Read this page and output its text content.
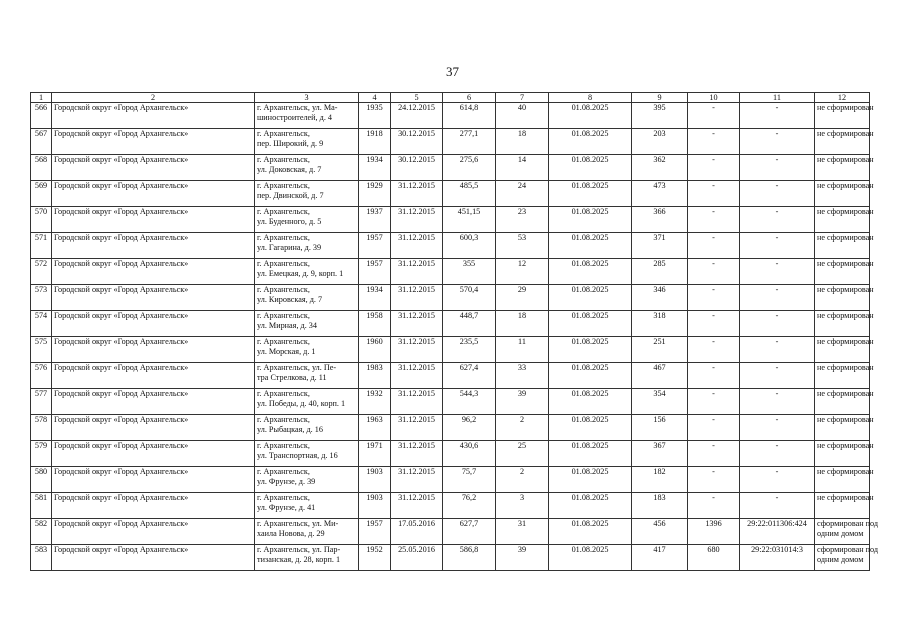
37
1	2	3	4	5	6	7	8	9	10	11	12
566	Городской округ «Город Архангельск»	г. Архангельск, ул. Ма-
шиностроителей, д. 4	1935	24.12.2015	614,8	40	01.08.2025	395	-	-	не сформирован

567	Городской округ «Город Архангельск»	г. Архангельск,
пер. Широкий, д. 9	1918	30.12.2015	277,1	18	01.08.2025	203	-	-	не сформирован

568	Городской округ «Город Архангельск»	г. Архангельск,
ул. Доковская, д. 7	1934	30.12.2015	275,6	14	01.08.2025	362	-	-	не сформирован

569	Городской округ «Город Архангельск»	г. Архангельск,
пер. Двинской, д. 7	1929	31.12.2015	485,5	24	01.08.2025	473	-	-	не сформирован

570	Городской округ «Город Архангельск»	г. Архангельск,
ул. Буденного, д. 5	1937	31.12.2015	451,15	23	01.08.2025	366	-	-	не сформирован

571	Городской округ «Город Архангельск»	г. Архангельск,
ул. Гагарина, д. 39	1957	31.12.2015	600,3	53	01.08.2025	371	-	-	не сформирован

572	Городской округ «Город Архангельск»	г. Архангельск,
ул. Емецкая, д. 9, корп. 1	1957	31.12.2015	355	12	01.08.2025	285	-	-	не сформирован

573	Городской округ «Город Архангельск»	г. Архангельск,
ул. Кировская, д. 7	1934	31.12.2015	570,4	29	01.08.2025	346	-	-	не сформирован

574	Городской округ «Город Архангельск»	г. Архангельск,
ул. Мирная, д. 34	1958	31.12.2015	448,7	18	01.08.2025	318	-	-	не сформирован

575	Городской округ «Город Архангельск»	г. Архангельск,
ул. Морская, д. 1	1960	31.12.2015	235,5	11	01.08.2025	251	-	-	не сформирован

576	Городской округ «Город Архангельск»	г. Архангельск, ул. Пе-
тра Стрелкова, д. 11	1983	31.12.2015	627,4	33	01.08.2025	467	-	-	не сформирован

577	Городской округ «Город Архангельск»	г. Архангельск,
ул. Победы, д. 40, корп. 1	1932	31.12.2015	544,3	39	01.08.2025	354	-	-	не сформирован

578	Городской округ «Город Архангельск»	г. Архангельск,
ул. Рыбацкая, д. 16	1963	31.12.2015	96,2	2	01.08.2025	156	-	-	не сформирован

579	Городской округ «Город Архангельск»	г. Архангельск,
ул. Транспортная, д. 16	1971	31.12.2015	430,6	25	01.08.2025	367	-	-	не сформирован

580	Городской округ «Город Архангельск»	г. Архангельск,
ул. Фрунзе, д. 39	1903	31.12.2015	75,7	2	01.08.2025	182	-	-	не сформирован

581	Городской округ «Город Архангельск»	г. Архангельск,
ул. Фрунзе, д. 41	1903	31.12.2015	76,2	3	01.08.2025	183	-	-	не сформирован

582	Городской округ «Город Архангельск»	г. Архангельск, ул. Ми-
хаила Новова, д. 29	1957	17.05.2016	627,7	31	01.08.2025	456	1396	29:22:011306:424	сформирован под
одним домом

583	Городской округ «Город Архангельск»	г. Архангельск, ул. Пар-
тизанская, д. 28, корп. 1	1952	25.05.2016	586,8	39	01.08.2025	417	680	29:22:031014:3	сформирован под
одним домом
